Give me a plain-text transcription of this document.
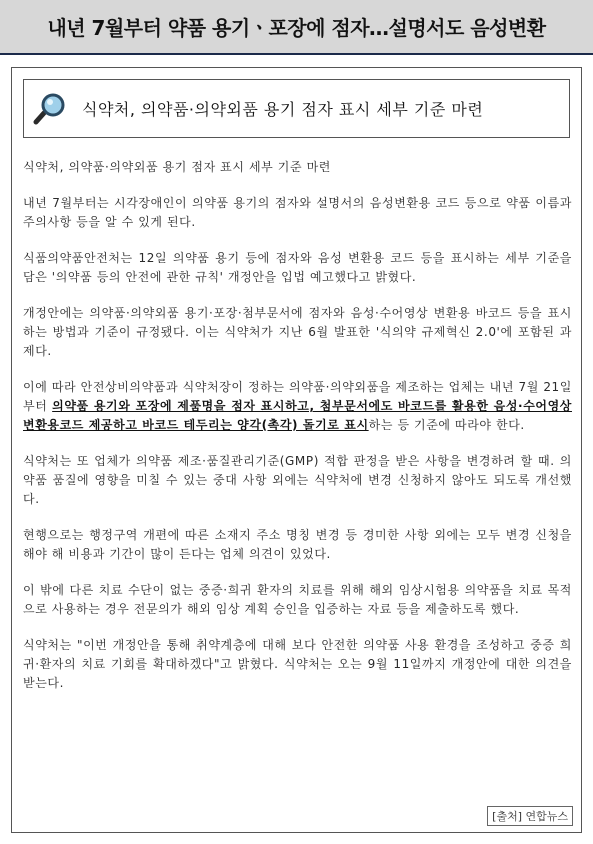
내년 7월부터 약품 용기ㆍ포장에 점자…설명서도 음성변환
식약처, 의약품·의약외품 용기 점자 표시 세부 기준 마련

식약처, 의약품·의약외품 용기 점자 표시 세부 기준 마련

내년 7월부터는 시각장애인이 의약품 용기의 점자와 설명서의 음성변환용 코드 등으로 약품 이름과 주의사항 등을 알 수 있게 된다.

식품의약품안전처는 12일 의약품 용기 등에 점자와 음성 변환용 코드 등을 표시하는 세부 기준을 담은 '의약품 등의 안전에 관한 규칙' 개정안을 입법 예고했다고 밝혔다.

개정안에는 의약품·의약외품 용기·포장·첨부문서에 점자와 음성·수어영상 변환용 바코드 등을 표시하는 방법과 기준이 규정됐다. 이는 식약처가 지난 6월 발표한 '식의약 규제혁신 2.0'에 포함된 과제다.

이에 따라 안전상비의약품과 식약처장이 정하는 의약품·의약외품을 제조하는 업체는 내년 7월 21일부터 의약품 용기와 포장에 제품명을 점자 표시하고, 첨부문서에도 바코드를 활용한 음성·수어영상변환용코드 제공하고 바코드 테두리는 양각(촉각) 돌기로 표시하는 등 기준에 따라야 한다.

식약처는 또 업체가 의약품 제조·품질관리기준(GMP) 적합 판정을 받은 사항을 변경하려 할 때. 의약품 품질에 영향을 미칠 수 있는 중대 사항 외에는 식약처에 변경 신청하지 않아도 되도록 개선했다.

현행으로는 행정구역 개편에 따른 소재지 주소 명칭 변경 등 경미한 사항 외에는 모두 변경 신청을 해야 해 비용과 기간이 많이 든다는 업체 의견이 있었다.

이 밖에 다른 치료 수단이 없는 중증·희귀 환자의 치료를 위해 해외 임상시험용 의약품을 치료 목적으로 사용하는 경우 전문의가 해외 임상 계획 승인을 입증하는 자료 등을 제출하도록 했다.

식약처는 "이번 개정안을 통해 취약계층에 대해 보다 안전한 의약품 사용 환경을 조성하고 중증 희귀·환자의 치료 기회를 확대하겠다"고 밝혔다. 식약처는 오는 9월 11일까지 개정안에 대한 의견을 받는다.

[출처] 연합뉴스
